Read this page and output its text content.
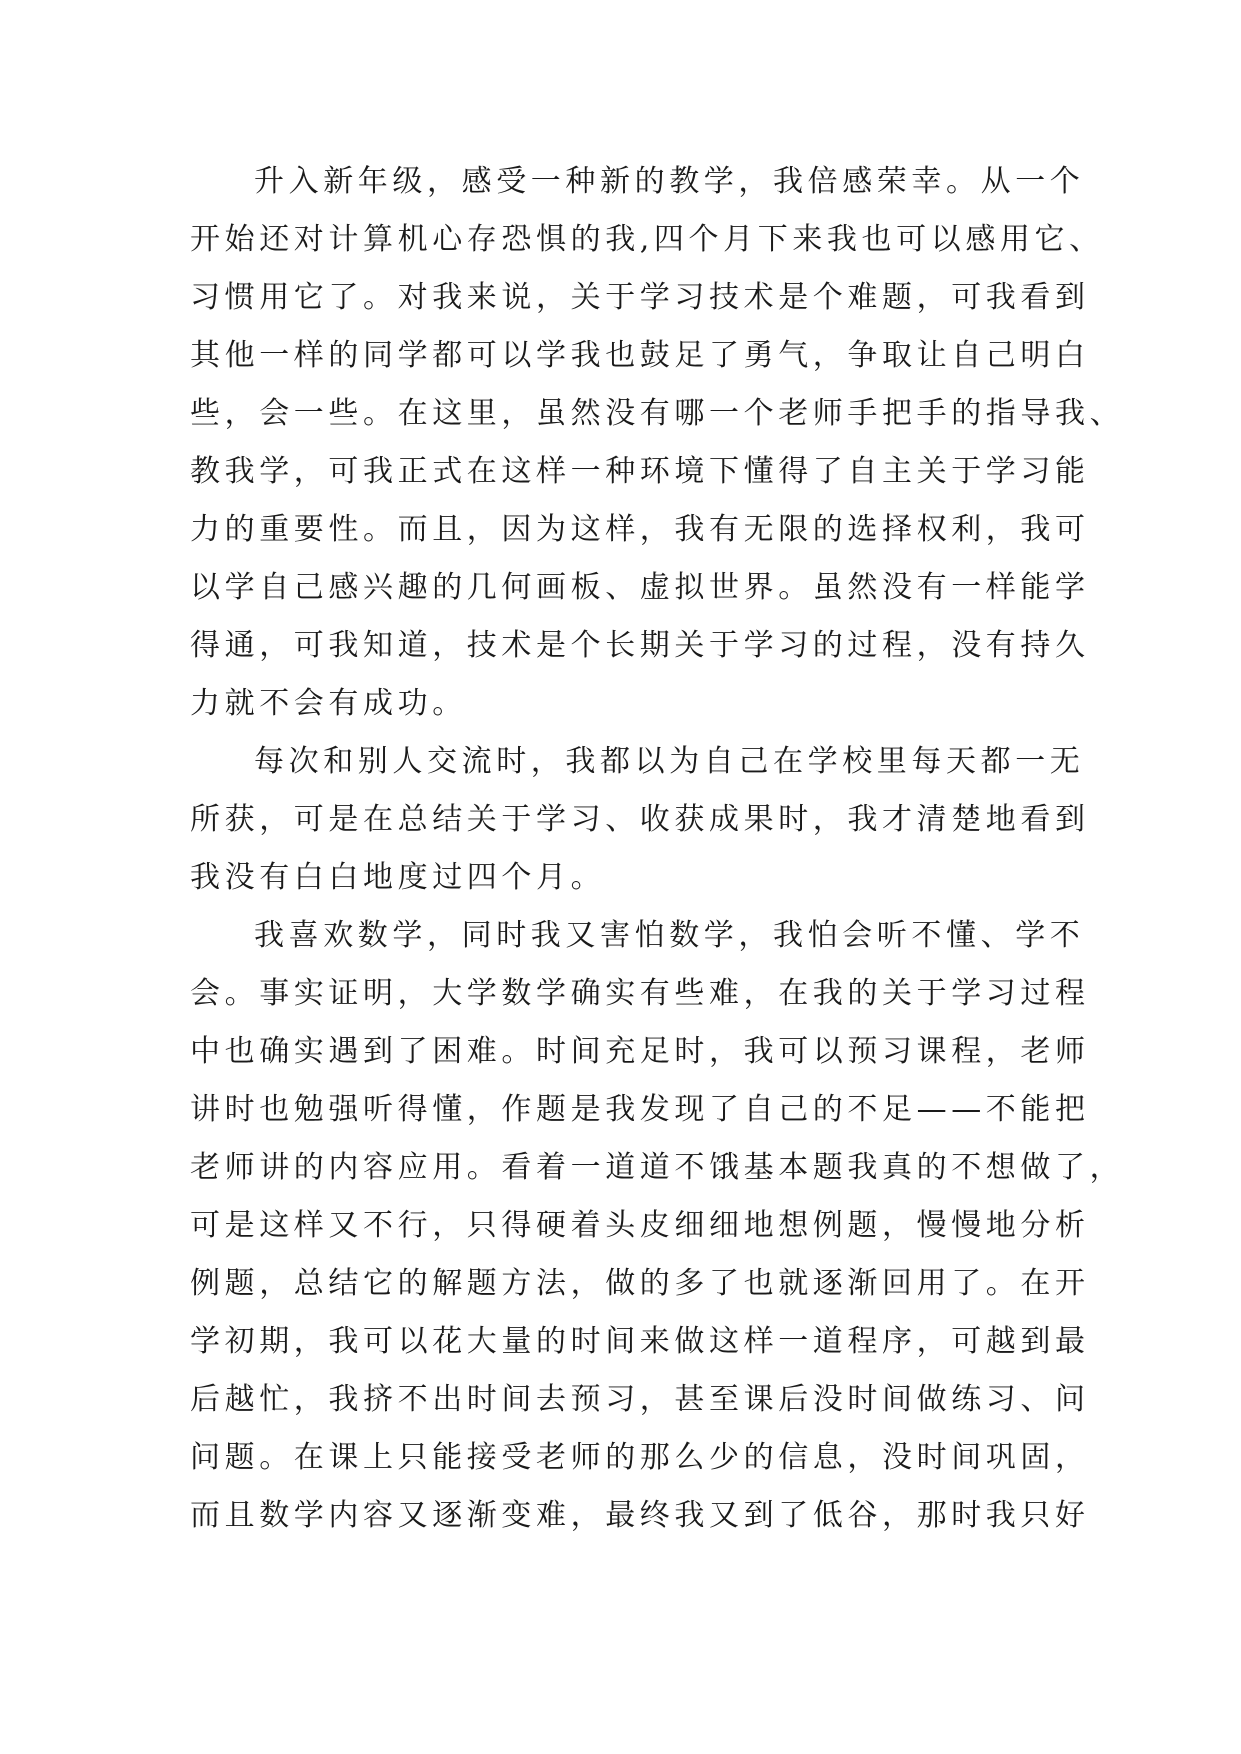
升入新年级，感受一种新的教学，我倍感荣幸。从一个
开始还对计算机心存恐惧的我,四个月下来我也可以感用它、
习惯用它了。对我来说，关于学习技术是个难题，可我看到
其他一样的同学都可以学我也鼓足了勇气，争取让自己明白
些，会一些。在这里，虽然没有哪一个老师手把手的指导我、
教我学，可我正式在这样一种环境下懂得了自主关于学习能
力的重要性。而且，因为这样，我有无限的选择权利，我可
以学自己感兴趣的几何画板、虚拟世界。虽然没有一样能学
得通，可我知道，技术是个长期关于学习的过程，没有持久
力就不会有成功。
每次和别人交流时，我都以为自己在学校里每天都一无
所获，可是在总结关于学习、收获成果时，我才清楚地看到
我没有白白地度过四个月。
我喜欢数学，同时我又害怕数学，我怕会听不懂、学不
会。事实证明，大学数学确实有些难，在我的关于学习过程
中也确实遇到了困难。时间充足时，我可以预习课程，老师
讲时也勉强听得懂，作题是我发现了自己的不足——不能把
老师讲的内容应用。看着一道道不饿基本题我真的不想做了，
可是这样又不行，只得硬着头皮细细地想例题，慢慢地分析
例题，总结它的解题方法，做的多了也就逐渐回用了。在开
学初期，我可以花大量的时间来做这样一道程序，可越到最
后越忙，我挤不出时间去预习，甚至课后没时间做练习、问
问题。在课上只能接受老师的那么少的信息，没时间巩固，
而且数学内容又逐渐变难，最终我又到了低谷，那时我只好
